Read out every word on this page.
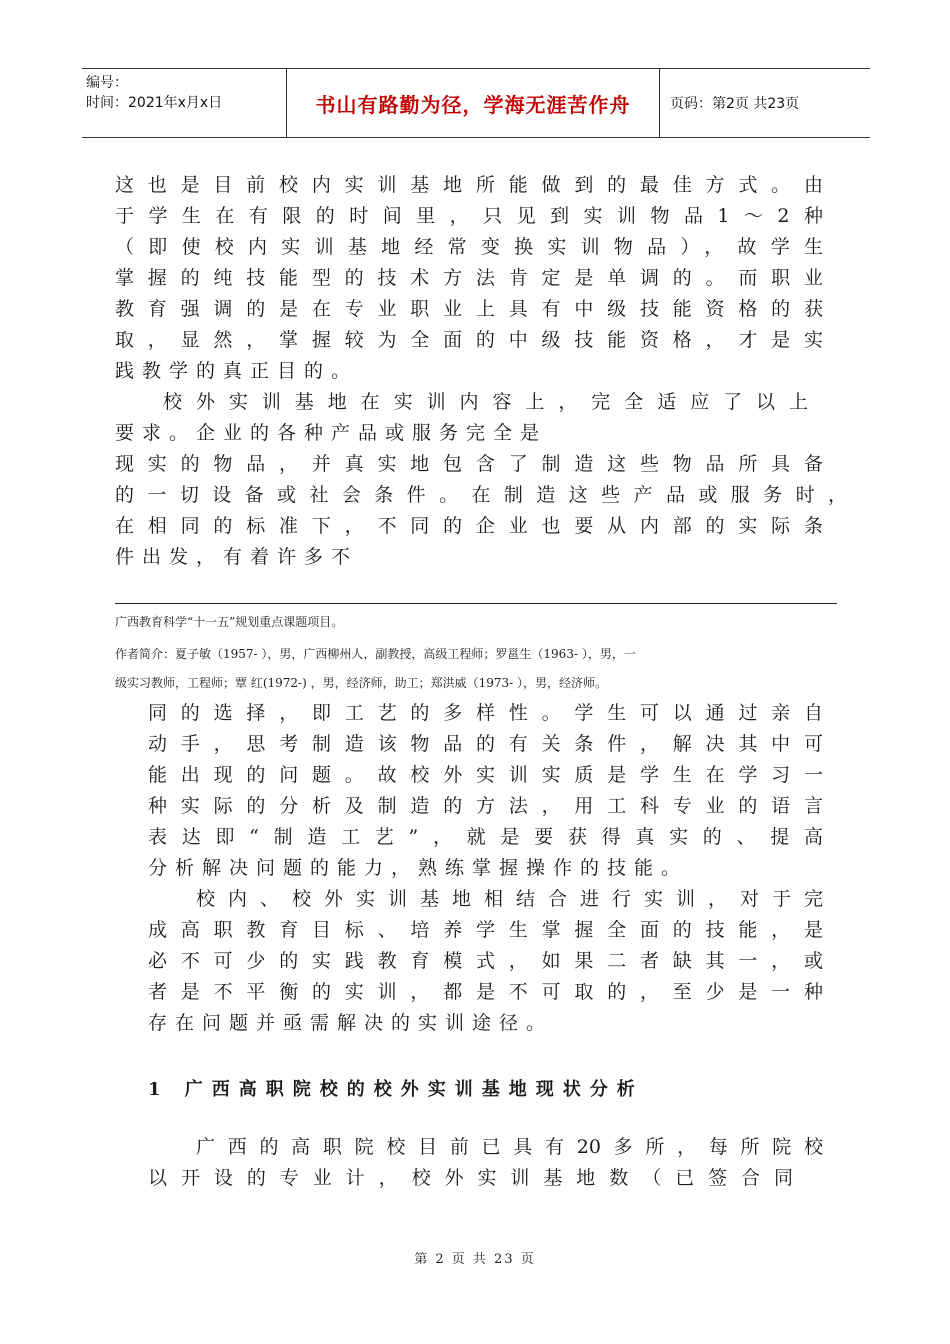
编号：
时间：2021年x月x日	书山有路勤为径，学海无涯苦作舟	页码：第2页 共23页
这也是目前校内实训基地所能做到的最佳方式。由
于学生在有限的时间里，只见到实训物品1～2种
（即使校内实训基地经常变换实训物品），故学生
掌握的纯技能型的技术方法肯定是单调的。而职业
教育强调的是在专业职业上具有中级技能资格的获
取，显然，掌握较为全面的中级技能资格，才是实
践教学的真正目的。
校外实训基地在实训内容上，完全适应了以上
要求。企业的各种产品或服务完全是
现实的物品，并真实地包含了制造这些物品所具备
的一切设备或社会条件。在制造这些产品或服务时，
在相同的标准下，不同的企业也要从内部的实际条
件出发，有着许多不
广西教育科学“十一五”规划重点课题项目。
作者简介：夏子敏（1957- ），男，广西柳州人，副教授，高级工程师；罗邕生（1963- ），男，一
级实习教师，工程师；覃 红(1972-) ，男，经济师，助工；郑洪威（1973- ），男，经济师。
同的选择，即工艺的多样性。学生可以通过亲自
动手，思考制造该物品的有关条件，解决其中可
能出现的问题。故校外实训实质是学生在学习一
种实际的分析及制造的方法，用工科专业的语言
表达即“制造工艺”，就是要获得真实的、提高
分析解决问题的能力，熟练掌握操作的技能。
校内、校外实训基地相结合进行实训，对于完
成高职教育目标、培养学生掌握全面的技能，是
必不可少的实践教育模式，如果二者缺其一，或
者是不平衡的实训，都是不可取的，至少是一种
存在问题并亟需解决的实训途径。
1 广西高职院校的校外实训基地现状分析
广西的高职院校目前已具有20多所，每所院校
以开设的专业计，校外实训基地数（已签合同
第 2 页 共 23 页
